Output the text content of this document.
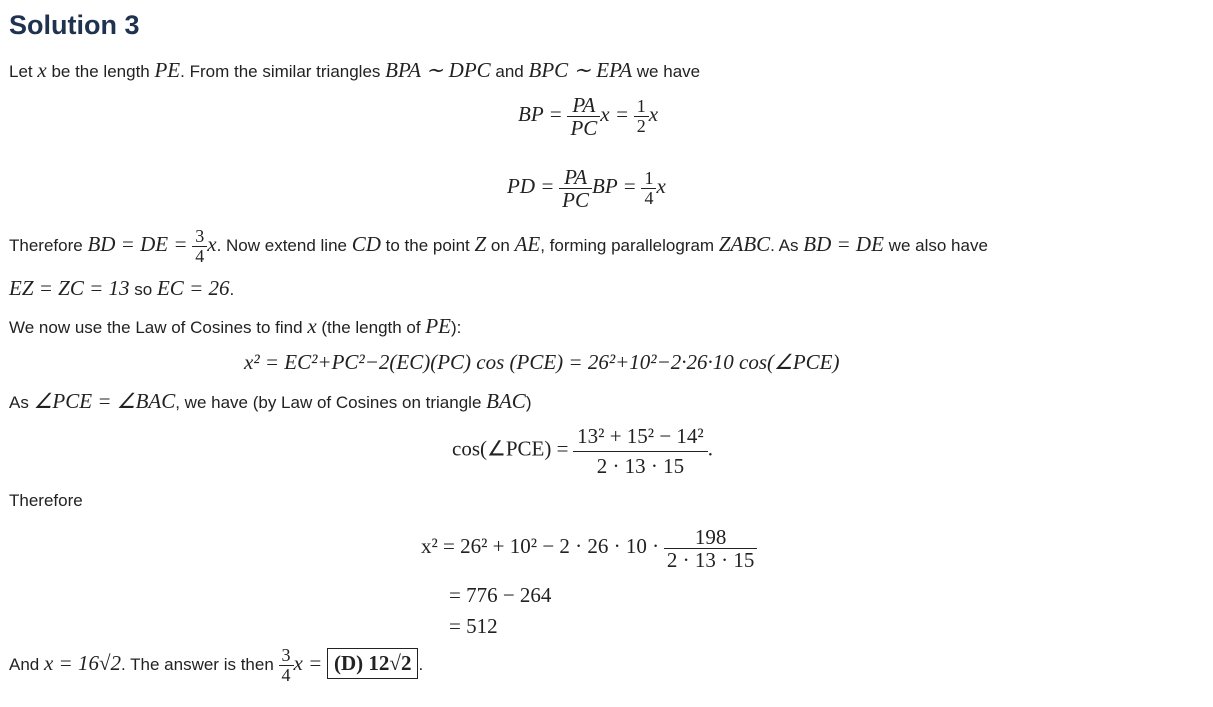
Solution 3
Let x be the length PE. From the similar triangles BPA ∼ DPC and BPC ∼ EPA we have
BP = $\frac{PA}{PC}$ $x = \frac{1}{2}$ x
PD = $\frac{PA}{PC}$ BP = $\frac{1}{4}$ x
Therefore BD = DE = $\frac{3}{4} x$. Now extend line CD to the point Z on AE, forming parallelogram ZABC. As BD = DE we also have
EZ = ZC = 13 so EC = 26.
We now use the Law of Cosines to find x (the length of PE):
x² = EC²+PC²−2(EC)(PC) cos (PCE) = 26²+10²−2·26·10 cos(∠PCE)
As ∠PCE = ∠BAC, we have (by Law of Cosines on triangle BAC)
cos(∠PCE) = $\frac{\text{13² + 15² − 14²}}{2 \cdot 13 \cdot 15}$ .
Therefore
$x^2 = 26^2 + 10^2 - 2 \cdot 26 \cdot 10 \cdot \frac{198}{2 \cdot 13 \cdot 15}$
= 776 − 264
= 512
And x = 16√2. The answer is then $\frac{3}{4}$ x = (D) 12√2 .
